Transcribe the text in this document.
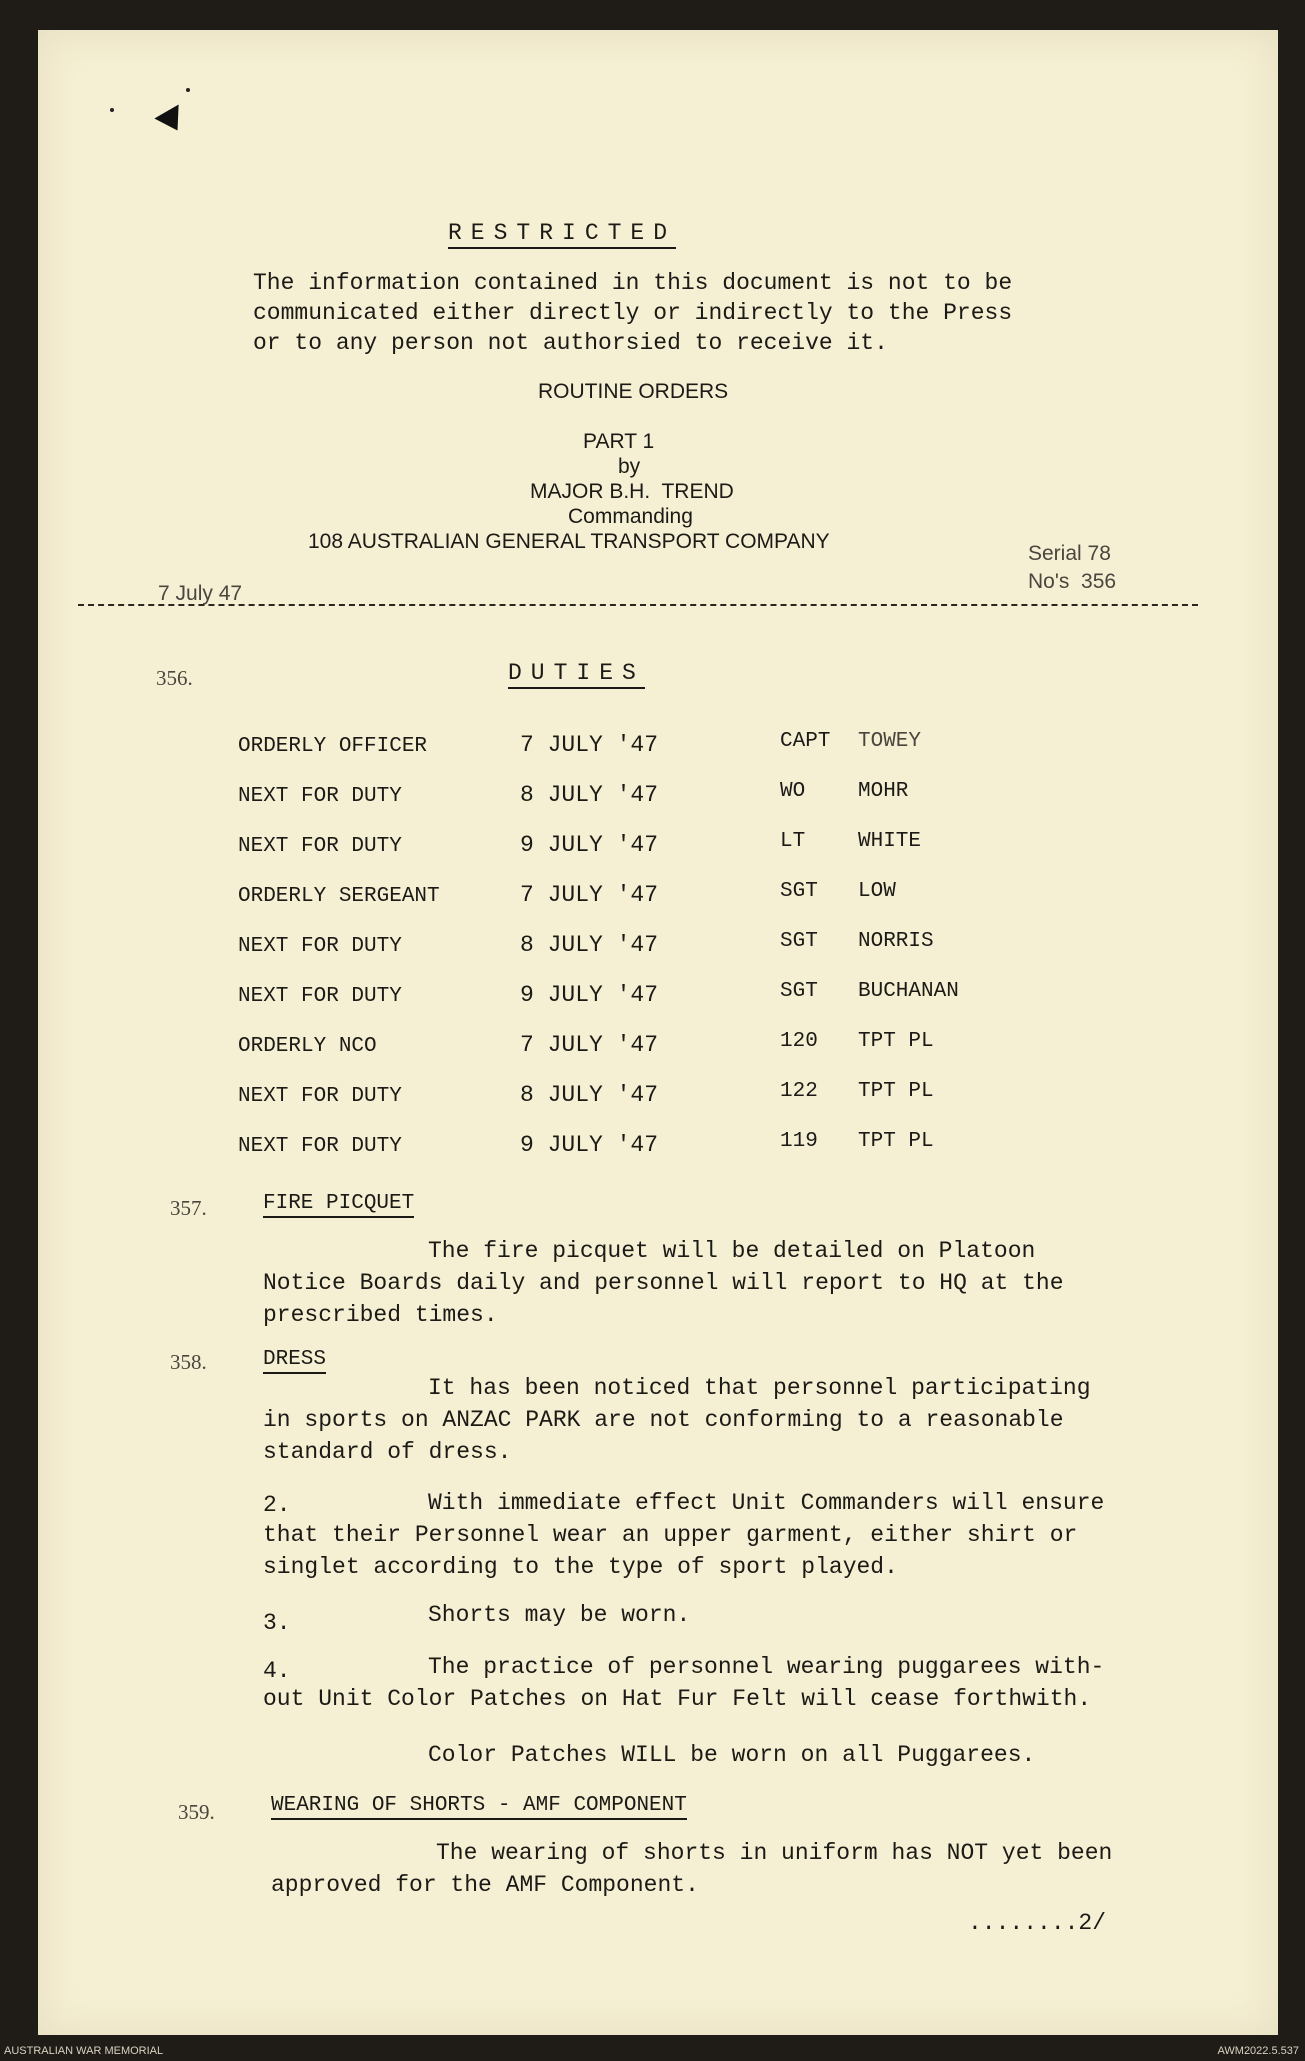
RESTRICTED
The information contained in this document is not to be
communicated either directly or indirectly to the Press
or to any person not authorsied to receive it.
ROUTINE ORDERS
PART 1
by
MAJOR B.H.  TREND
Commanding
108 AUSTRALIAN GENERAL TRANSPORT COMPANY
7 July 47
Serial 78
No's  356
356.	DUTIES
ORDERLY OFFICER	7 JULY '47	CAPT TOWEY
NEXT FOR DUTY	8 JULY '47	WO	MOHR
NEXT FOR DUTY	9 JULY '47	LT	WHITE
ORDERLY SERGEANT	7 JULY '47	SGT LOW
NEXT FOR DUTY	8 JULY '47	SGT NORRIS
NEXT FOR DUTY	9 JULY '47	SGT BUCHANAN
ORDERLY NCO	7 JULY '47	120 TPT PL
NEXT FOR DUTY	8 JULY '47	122 TPT PL
NEXT FOR DUTY	9 JULY '47	119 TPT PL
357.	FIRE PICQUET
The fire picquet will be detailed on Platoon
Notice Boards daily and personnel will report to HQ at the
prescribed times.
358.	DRESS
It has been noticed that personnel participating
in sports on ANZAC PARK are not conforming to a reasonable
standard of dress.
2.	With immediate effect Unit Commanders will ensure
that their Personnel wear an upper garment, either shirt or
singlet according to the type of sport played.
3.	Shorts may be worn.
4.	The practice of personnel wearing puggarees with-
out Unit Color Patches on Hat Fur Felt will cease forthwith.
Color Patches WILL be worn on all Puggarees.
359.	WEARING OF SHORTS - AMF COMPONENT
The wearing of shorts in uniform has NOT yet been
approved for the AMF Component.
........2/
AUSTRALIAN WAR MEMORIAL	AWM2022.5.537
